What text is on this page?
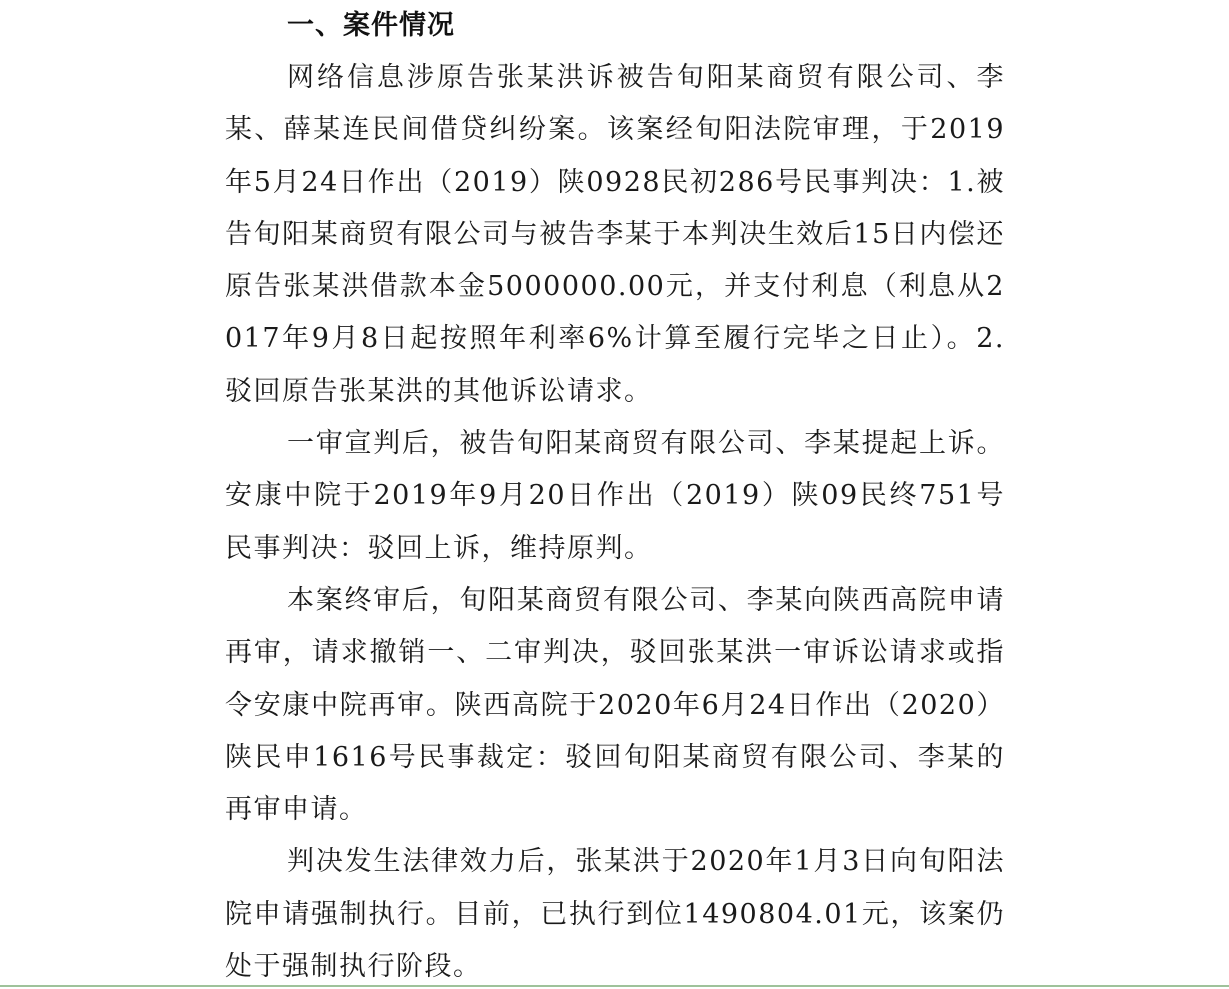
一、案件情况

网络信息涉原告张某洪诉被告旬阳某商贸有限公司、李某、薛某连民间借贷纠纷案。该案经旬阳法院审理，于2019年5月24日作出（2019）陕0928民初286号民事判决：1.被告旬阳某商贸有限公司与被告李某于本判决生效后15日内偿还原告张某洪借款本金5000000.00元，并支付利息（利息从2017年9月8日起按照年利率6%计算至履行完毕之日止）。2.驳回原告张某洪的其他诉讼请求。

一审宣判后，被告旬阳某商贸有限公司、李某提起上诉。安康中院于2019年9月20日作出（2019）陕09民终751号民事判决：驳回上诉，维持原判。

本案终审后，旬阳某商贸有限公司、李某向陕西高院申请再审，请求撤销一、二审判决，驳回张某洪一审诉讼请求或指令安康中院再审。陕西高院于2020年6月24日作出（2020）陕民申1616号民事裁定：驳回旬阳某商贸有限公司、李某的再审申请。

判决发生法律效力后，张某洪于2020年1月3日向旬阳法院申请强制执行。目前，已执行到位1490804.01元，该案仍处于强制执行阶段。
